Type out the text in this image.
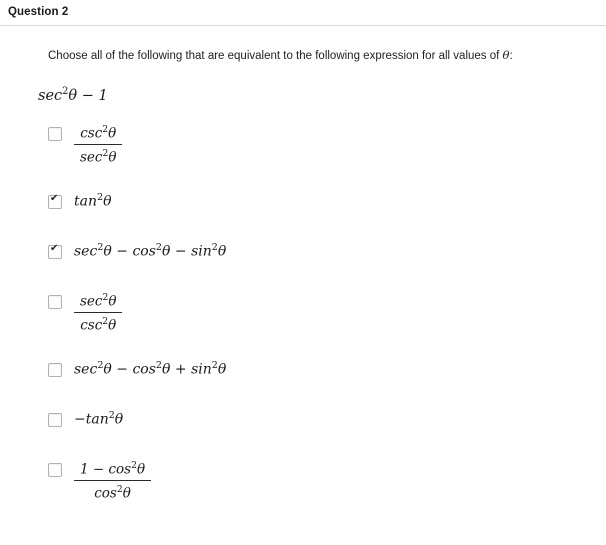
Question 2
Choose all of the following that are equivalent to the following expression for all values of θ:
$\sec^2\theta - 1$
$\frac{\csc^2\theta}{\sec^2\theta}$
✔
$\tan^2\theta$
✔
$\sec^2\theta - \cos^2\theta - \sin^2\theta$
$\frac{\sec^2\theta}{\csc^2\theta}$
$\sec^2\theta - \cos^2\theta + \sin^2\theta$
$-\tan^2\theta$
$\frac{1 - \cos^2\theta}{\cos^2\theta}$
